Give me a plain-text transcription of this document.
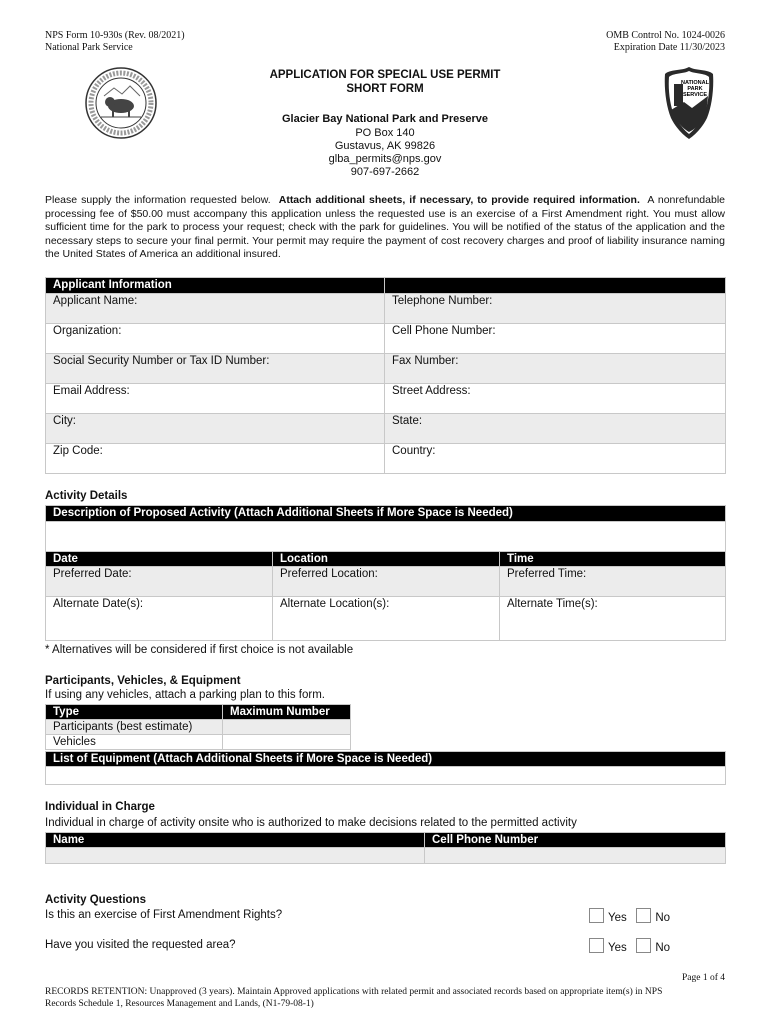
NPS Form 10-930s (Rev. 08/2021)
National Park Service
OMB Control No. 1024-0026
Expiration Date 11/30/2023
NATIONAL
PARK
SERVICE
APPLICATION FOR SPECIAL USE PERMIT
SHORT FORM
Glacier Bay National Park and Preserve
PO Box 140
Gustavus, AK 99826
glba_permits@nps.gov
907-697-2662
Please supply the information requested below. Attach additional sheets, if necessary, to provide required information. A nonrefundable processing fee of $50.00 must accompany this application unless the requested use is an exercise of a First Amendment right. You must allow sufficient time for the park to process your request; check with the park for guidelines. You will be notified of the status of the application and the necessary steps to secure your final permit. Your permit may require the payment of cost recovery charges and proof of liability insurance naming the United States of America an additional insured.
Applicant Information	
Applicant Name:	Telephone Number:
Organization:	Cell Phone Number:
Social Security Number or Tax ID Number:	Fax Number:
Email Address:	Street Address:
City:	State:
Zip Code:	Country:
Activity Details
Description of Proposed Activity (Attach Additional Sheets if More Space is Needed)		

Date	Location	Time
Preferred Date:	Preferred Location:	Preferred Time:
Alternate Date(s):	Alternate Location(s):	Alternate Time(s):
* Alternatives will be considered if first choice is not available
Participants, Vehicles, & Equipment
If using any vehicles, attach a parking plan to this form.
Type	Maximum Number
Participants (best estimate)	
Vehicles	
List of Equipment (Attach Additional Sheets if More Space is Needed)

Individual in Charge
Individual in charge of activity onsite who is authorized to make decisions related to the permitted activity
Name	Cell Phone Number

Activity Questions
Is this an exercise of First Amendment Rights?	Yes No
Have you visited the requested area?	Yes No
Page 1 of 4
RECORDS RETENTION: Unapproved (3 years). Maintain Approved applications with related permit and associated records based on appropriate item(s) in NPS
Records Schedule 1, Resources Management and Lands, (N1-79-08-1)
